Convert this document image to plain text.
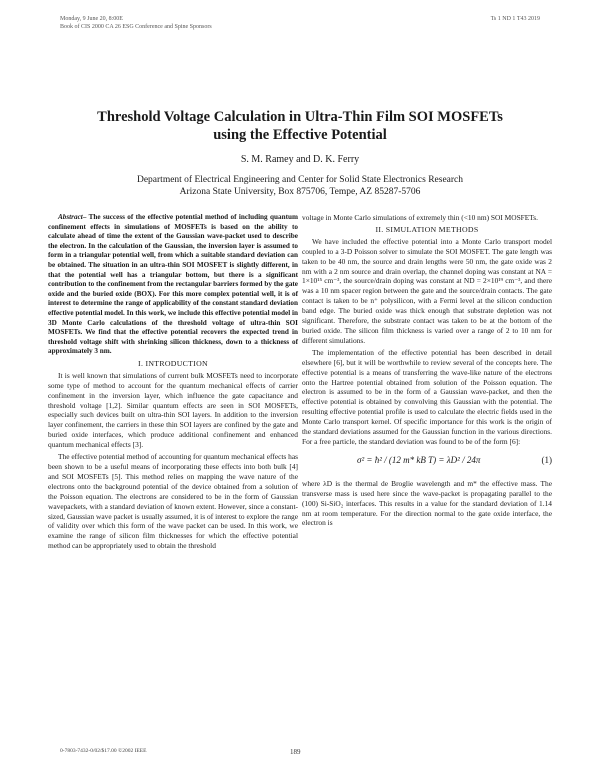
Monday, 9 June 20, 8:00E
Book of CIS 2000 CA 26 ESG Conference and Spine Sponsors
Ts 1 ND 1 T43 2019
Threshold Voltage Calculation in Ultra-Thin Film SOI MOSFETs
using the Effective Potential
S. M. Ramey and D. K. Ferry
Department of Electrical Engineering and Center for Solid State Electronics Research
Arizona State University, Box 875706, Tempe, AZ 85287-5706

Abstract– The success of the effective potential method of including quantum confinement effects in simulations of MOSFETs is based on the ability to calculate ahead of time the extent of the Gaussian wave-packet used to describe the electron. In the calculation of the Gaussian, the inversion layer is assumed to form in a triangular potential well, from which a suitable standard deviation can be obtained. The situation in an ultra-thin SOI MOSFET is slightly different, in that the potential well has a triangular bottom, but there is a significant contribution to the confinement from the rectangular barriers formed by the gate oxide and the buried oxide (BOX). For this more complex potential well, it is of interest to determine the range of applicability of the constant standard deviation effective potential model. In this work, we include this effective potential model in 3D Monte Carlo calculations of the threshold voltage of ultra-thin SOI MOSFETs. We find that the effective potential recovers the expected trend in threshold voltage shift with shrinking silicon thickness, down to a thickness of approximately 3 nm.

I. INTRODUCTION

It is well known that simulations of current bulk MOSFETs need to incorporate some type of method to account for the quantum mechanical effects of carrier confinement in the inversion layer, which influence the gate capacitance and threshold voltage [1,2]. Similar quantum effects are seen in SOI MOSFETs, especially such devices built on ultra-thin SOI layers. In addition to the inversion layer confinement, the carriers in these thin SOI layers are confined by the gate and buried oxide interfaces, which produce additional confinement and enhanced quantum mechanical effects [3].

The effective potential method of accounting for quantum mechanical effects has been shown to be a useful means of incorporating these effects into both bulk [4] and SOI MOSFETs [5]. This method relies on mapping the wave nature of the electrons onto the background potential of the device obtained from a solution of the Poisson equation. The electrons are considered to be in the form of Gaussian wavepackets, with a standard deviation of known extent. However, since a constant-sized, Gaussian wave packet is usually assumed, it is of interest to explore the range of validity over which this form of the wave packet can be used. In this work, we examine the range of silicon film thicknesses for which the effective potential method can be appropriately used to obtain the threshold

voltage in Monte Carlo simulations of extremely thin (<10 nm) SOI MOSFETs.

II. SIMULATION METHODS

We have included the effective potential into a Monte Carlo transport model coupled to a 3-D Poisson solver to simulate the SOI MOSFET. The gate length was taken to be 40 nm, the source and drain lengths were 50 nm, the gate oxide was 2 nm with a 2 nm source and drain overlap, the channel doping was constant at NA = 1×10¹⁵ cm⁻³, the source/drain doping was constant at ND = 2×10¹⁹ cm⁻³, and there was a 10 nm spacer region between the gate and the source/drain contacts. The gate contact is taken to be n⁺ polysilicon, with a Fermi level at the silicon conduction band edge. The buried oxide was thick enough that substrate depletion was not significant. Therefore, the substrate contact was taken to be at the bottom of the buried oxide. The silicon film thickness is varied over a range of 2 to 10 nm for different simulations.

The implementation of the effective potential has been described in detail elsewhere [6], but it will be worthwhile to review several of the concepts here. The effective potential is a means of transferring the wave-like nature of the electrons onto the Hartree potential obtained from solution of the Poisson equation. The electron is assumed to be in the form of a Gaussian wave-packet, and then the effective potential is obtained by convolving this Gaussian with the potential. The resulting effective potential profile is used to calculate the electric fields used in the Monte Carlo transport kernel. Of specific importance for this work is the origin of the standard deviations assumed for the Gaussian function in the various directions. For a free particle, the standard deviation was found to be of the form [6]:

σ² = ħ² / (12 m* kB T) = λD² / 24π	(1)

where λD is the thermal de Broglie wavelength and m* the effective mass. The transverse mass is used here since the wave-packet is propagating parallel to the (100) Si-SiO₂ interfaces. This results in a value for the standard deviation of 1.14 nm at room temperature. For the direction normal to the gate oxide interface, the electron is

0-7803-7432-0/02/$17.00 ©2002 IEEE	189
